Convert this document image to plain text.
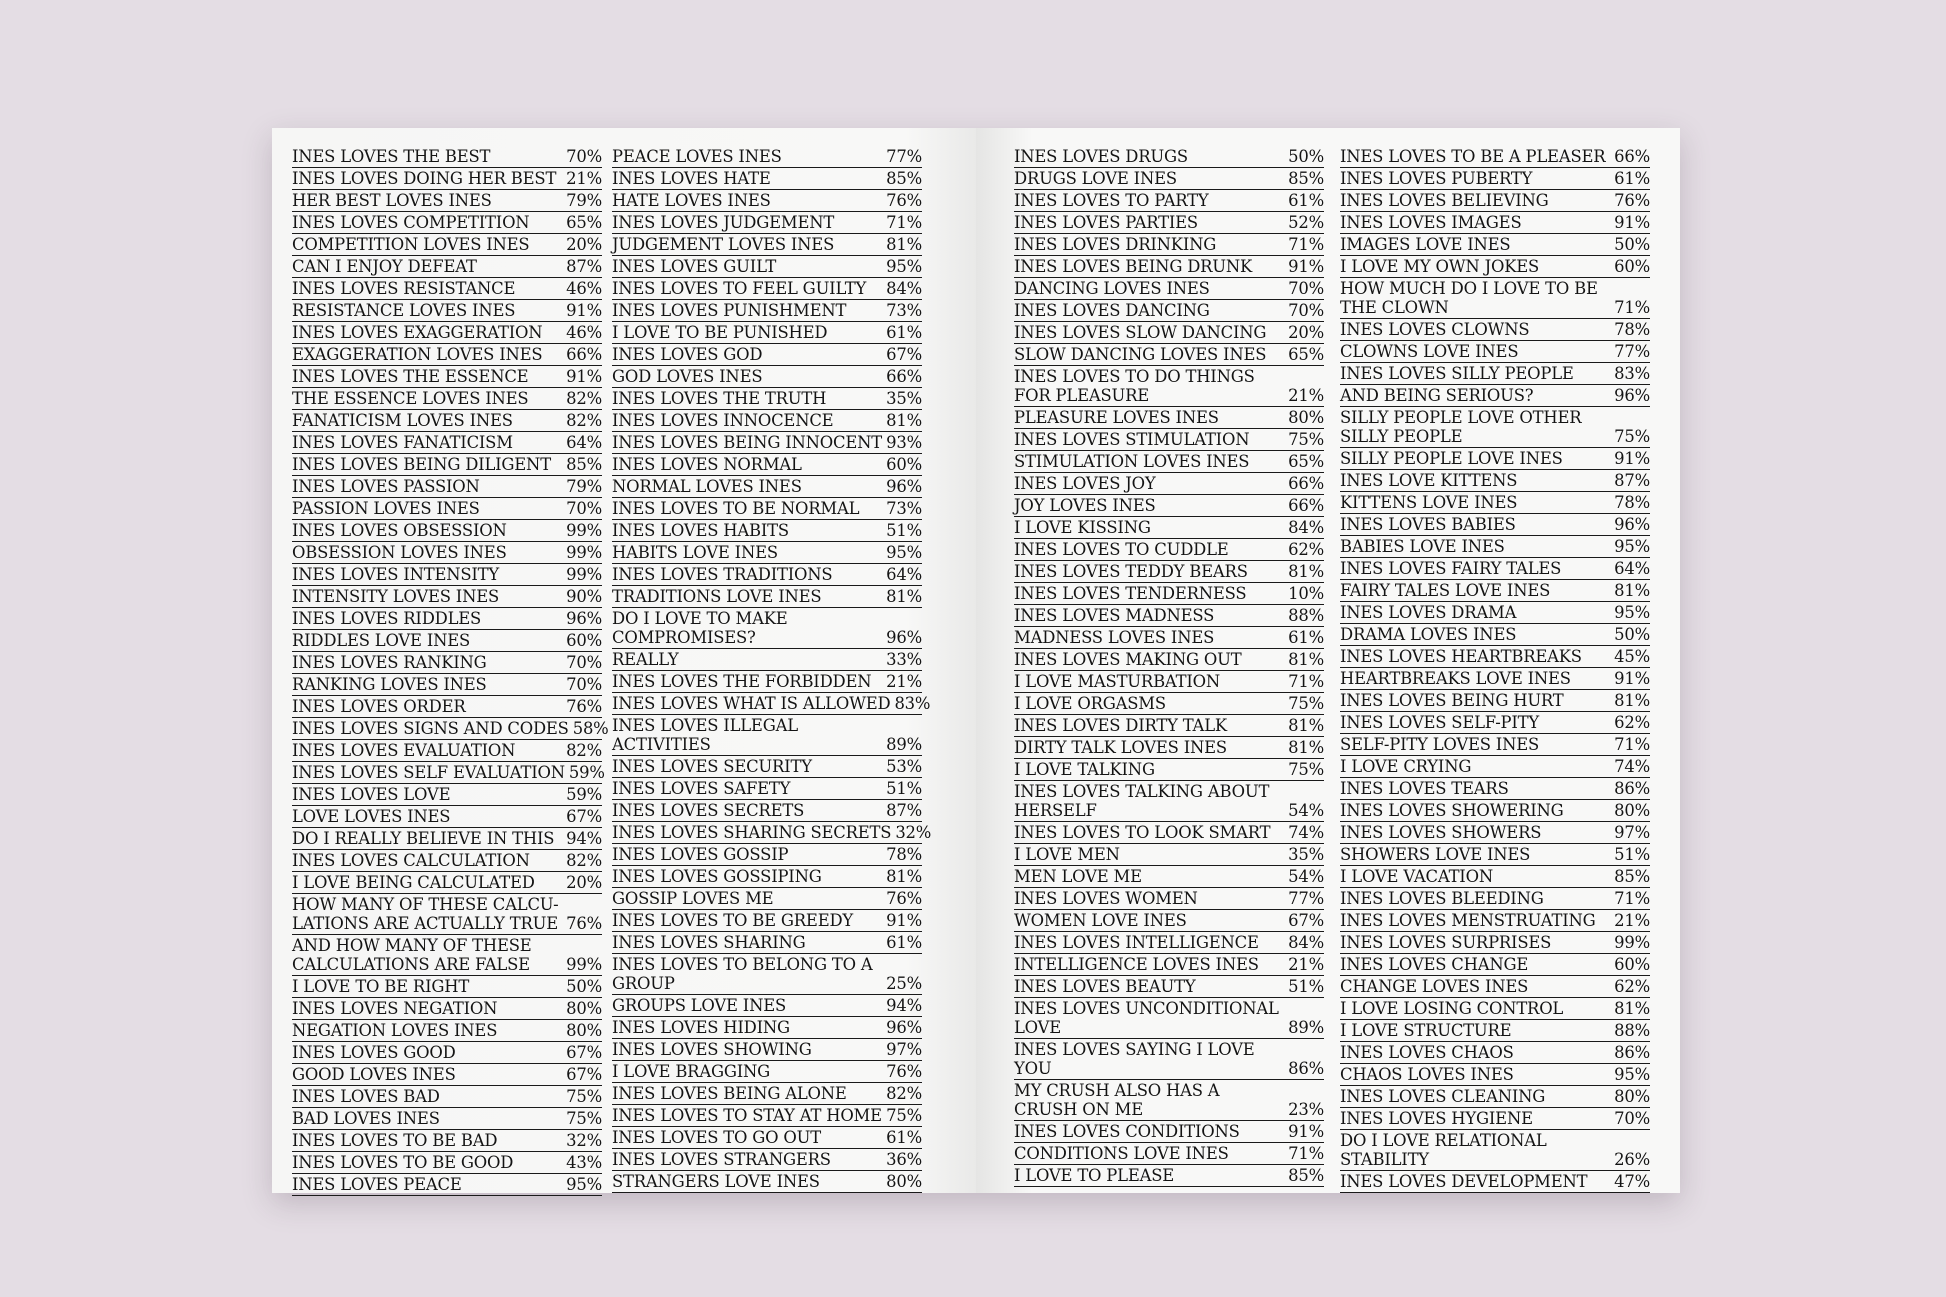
INES LOVES THE BEST	70%
INES LOVES DOING HER BEST 21%
HER BEST LOVES INES	79%
INES LOVES COMPETITION	65%
COMPETITION LOVES INES	20%
CAN I ENJOY DEFEAT	87%
INES LOVES RESISTANCE	46%
RESISTANCE LOVES INES	91%
INES LOVES EXAGGERATION	46%
EXAGGERATION LOVES INES	66%
INES LOVES THE ESSENCE	91%
THE ESSENCE LOVES INES	82%
FANATICISM LOVES INES	82%
INES LOVES FANATICISM	64%
INES LOVES BEING DILIGENT 85%
INES LOVES PASSION	79%
PASSION LOVES INES	70%
INES LOVES OBSESSION	99%
OBSESSION LOVES INES	99%
INES LOVES INTENSITY	99%
INTENSITY LOVES INES	90%
INES LOVES RIDDLES	96%
RIDDLES LOVE INES	60%
INES LOVES RANKING	70%
RANKING LOVES INES	70%
INES LOVES ORDER	76%
INES LOVES SIGNS AND CODES 58%
INES LOVES EVALUATION	82%
INES LOVES SELF EVALUATION 59%
INES LOVES LOVE	59%
LOVE LOVES INES	67%
DO I REALLY BELIEVE IN THIS 94%
INES LOVES CALCULATION	82%
I LOVE BEING CALCULATED	20%
HOW MANY OF THESE CALCU-LATIONS ARE ACTUALLY TRUE 76%
AND HOW MANY OF THESE CALCULATIONS ARE FALSE	99%
I LOVE TO BE RIGHT	50%
INES LOVES NEGATION	80%
NEGATION LOVES INES	80%
INES LOVES GOOD	67%
GOOD LOVES INES	67%
INES LOVES BAD	75%
BAD LOVES INES	75%
INES LOVES TO BE BAD	32%
INES LOVES TO BE GOOD	43%
INES LOVES PEACE	95%
PEACE LOVES INES	77%
INES LOVES HATE	85%
HATE LOVES INES	76%
INES LOVES JUDGEMENT	71%
JUDGEMENT LOVES INES	81%
INES LOVES GUILT	95%
INES LOVES TO FEEL GUILTY	84%
INES LOVES PUNISHMENT	73%
I LOVE TO BE PUNISHED	61%
INES LOVES GOD	67%
GOD LOVES INES	66%
INES LOVES THE TRUTH	35%
INES LOVES INNOCENCE	81%
INES LOVES BEING INNOCENT 93%
INES LOVES NORMAL	60%
NORMAL LOVES INES	96%
INES LOVES TO BE NORMAL	73%
INES LOVES HABITS	51%
HABITS LOVE INES	95%
INES LOVES TRADITIONS	64%
TRADITIONS LOVE INES	81%
DO I LOVE TO MAKE COMPROMISES?	96%
REALLY	33%
INES LOVES THE FORBIDDEN 21%
INES LOVES WHAT IS ALLOWED 83%
INES LOVES ILLEGAL ACTIVITIES	89%
INES LOVES SECURITY	53%
INES LOVES SAFETY	51%
INES LOVES SECRETS	87%
INES LOVES SHARING SECRETS 32%
INES LOVES GOSSIP	78%
INES LOVES GOSSIPING	81%
GOSSIP LOVES ME	76%
INES LOVES TO BE GREEDY	91%
INES LOVES SHARING	61%
INES LOVES TO BELONG TO A GROUP	25%
GROUPS LOVE INES	94%
INES LOVES HIDING	96%
INES LOVES SHOWING	97%
I LOVE BRAGGING	76%
INES LOVES BEING ALONE	82%
INES LOVES TO STAY AT HOME 75%
INES LOVES TO GO OUT	61%
INES LOVES STRANGERS	36%
STRANGERS LOVE INES	80%
INES LOVES DRUGS	50%
DRUGS LOVE INES	85%
INES LOVES TO PARTY	61%
INES LOVES PARTIES	52%
INES LOVES DRINKING	71%
INES LOVES BEING DRUNK	91%
DANCING LOVES INES	70%
INES LOVES DANCING	70%
INES LOVES SLOW DANCING	20%
SLOW DANCING LOVES INES	65%
INES LOVES TO DO THINGS FOR PLEASURE	21%
PLEASURE LOVES INES	80%
INES LOVES STIMULATION	75%
STIMULATION LOVES INES	65%
INES LOVES JOY	66%
JOY LOVES INES	66%
I LOVE KISSING	84%
INES LOVES TO CUDDLE	62%
INES LOVES TEDDY BEARS	81%
INES LOVES TENDERNESS	10%
INES LOVES MADNESS	88%
MADNESS LOVES INES	61%
INES LOVES MAKING OUT	81%
I LOVE MASTURBATION	71%
I LOVE ORGASMS	75%
INES LOVES DIRTY TALK	81%
DIRTY TALK LOVES INES	81%
I LOVE TALKING	75%
INES LOVES TALKING ABOUT HERSELF	54%
INES LOVES TO LOOK SMART	74%
I LOVE MEN	35%
MEN LOVE ME	54%
INES LOVES WOMEN	77%
WOMEN LOVE INES	67%
INES LOVES INTELLIGENCE	84%
INTELLIGENCE LOVES INES	21%
INES LOVES BEAUTY	51%
INES LOVES UNCONDITIONAL LOVE	89%
INES LOVES SAYING I LOVE YOU	86%
MY CRUSH ALSO HAS A CRUSH ON ME	23%
INES LOVES CONDITIONS	91%
CONDITIONS LOVE INES	71%
I LOVE TO PLEASE	85%
INES LOVES TO BE A PLEASER 66%
INES LOVES PUBERTY	61%
INES LOVES BELIEVING	76%
INES LOVES IMAGES	91%
IMAGES LOVE INES	50%
I LOVE MY OWN JOKES	60%
HOW MUCH DO I LOVE TO BE THE CLOWN	71%
INES LOVES CLOWNS	78%
CLOWNS LOVE INES	77%
INES LOVES SILLY PEOPLE	83%
AND BEING SERIOUS?	96%
SILLY PEOPLE LOVE OTHER SILLY PEOPLE	75%
SILLY PEOPLE LOVE INES	91%
INES LOVE KITTENS	87%
KITTENS LOVE INES	78%
INES LOVES BABIES	96%
BABIES LOVE INES	95%
INES LOVES FAIRY TALES	64%
FAIRY TALES LOVE INES	81%
INES LOVES DRAMA	95%
DRAMA LOVES INES	50%
INES LOVES HEARTBREAKS	45%
HEARTBREAKS LOVE INES	91%
INES LOVES BEING HURT	81%
INES LOVES SELF-PITY	62%
SELF-PITY LOVES INES	71%
I LOVE CRYING	74%
INES LOVES TEARS	86%
INES LOVES SHOWERING	80%
INES LOVES SHOWERS	97%
SHOWERS LOVE INES	51%
I LOVE VACATION	85%
INES LOVES BLEEDING	71%
INES LOVES MENSTRUATING	21%
INES LOVES SURPRISES	99%
INES LOVES CHANGE	60%
CHANGE LOVES INES	62%
I LOVE LOSING CONTROL	81%
I LOVE STRUCTURE	88%
INES LOVES CHAOS	86%
CHAOS LOVES INES	95%
INES LOVES CLEANING	80%
INES LOVES HYGIENE	70%
DO I LOVE RELATIONAL STABILITY	26%
INES LOVES DEVELOPMENT	47%
